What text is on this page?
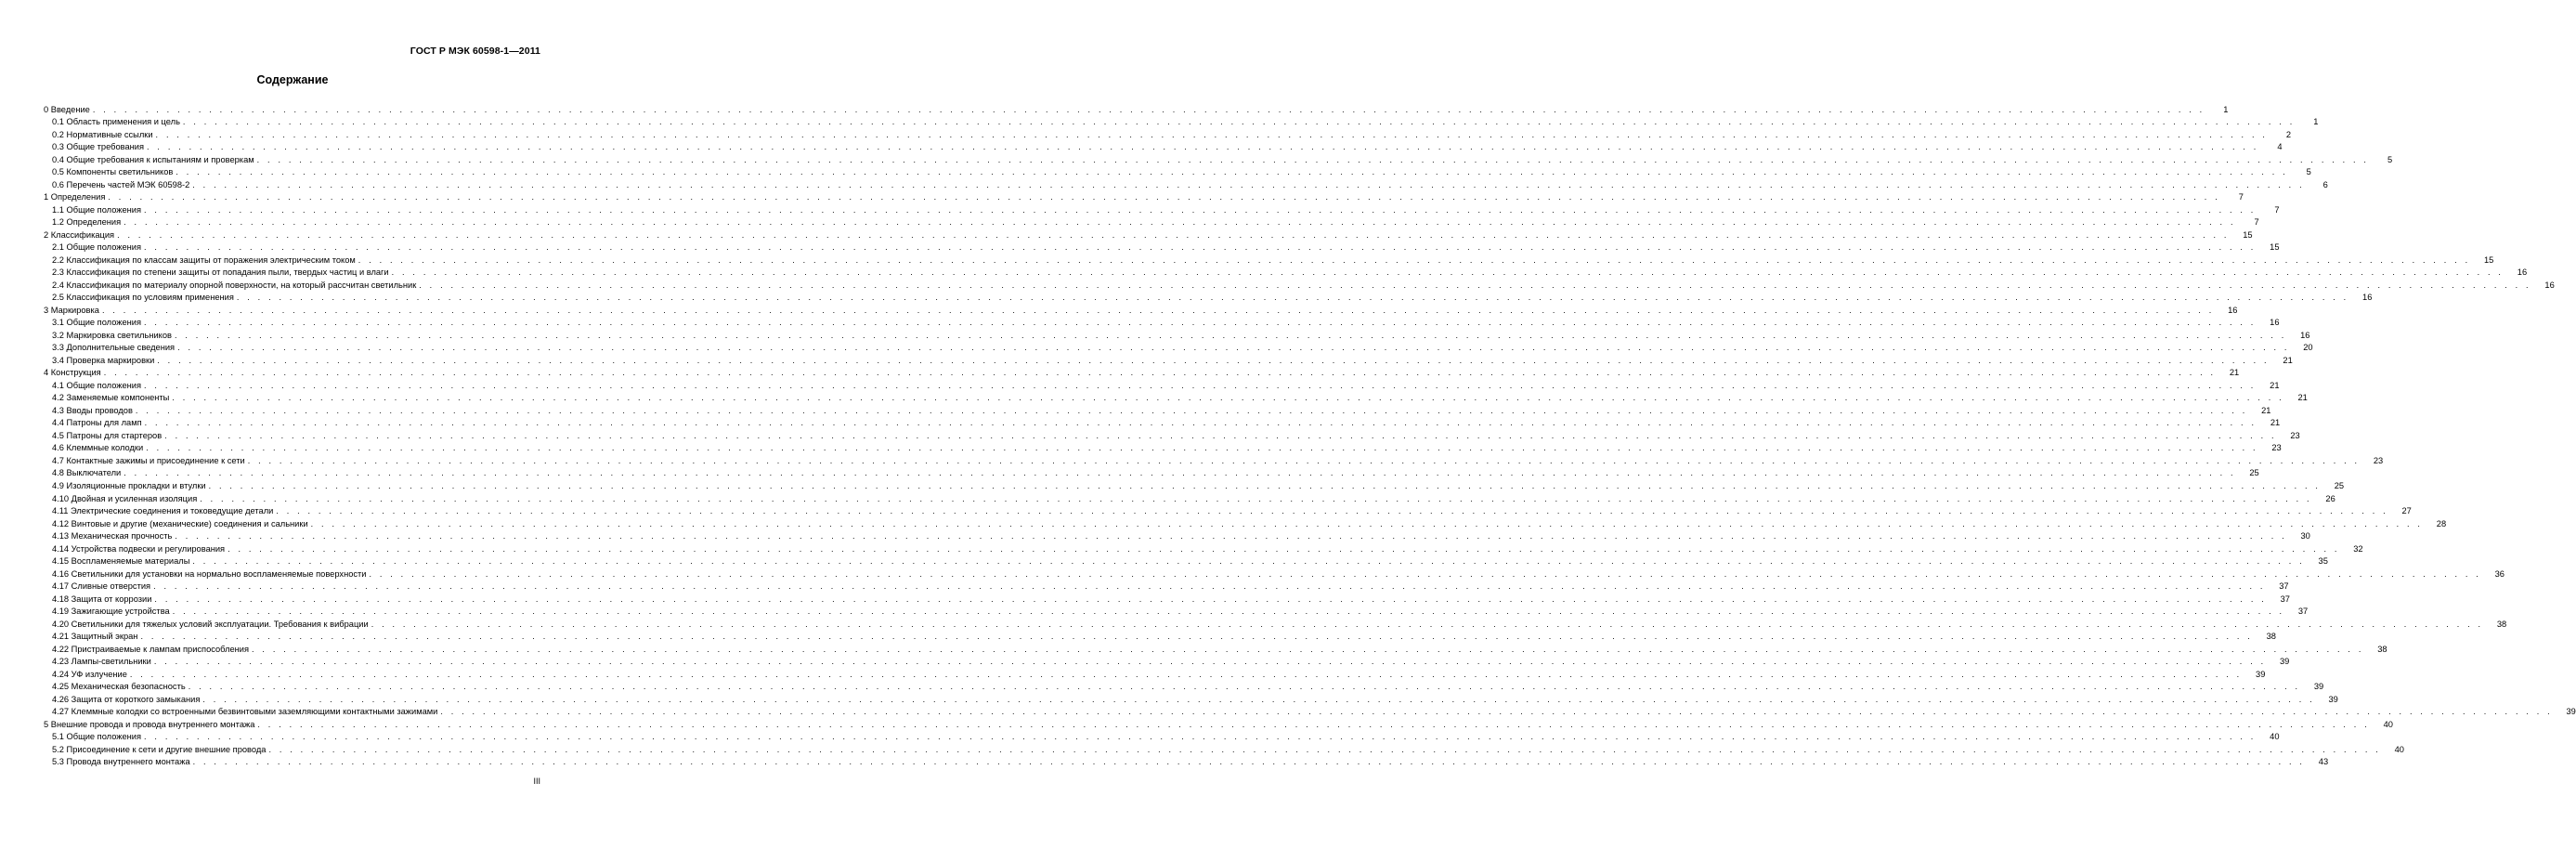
ГОСТ Р МЭК 60598-1—2011
Содержание
0 Введение . . . . . . . . . . . . . . . . . . . . . . . . . . . . . . . . . . . . . . . . . . . . . . . . . . . . . . . . . . . . . . . . . . . . . . . . . . . . . . . . . . . . . . . . . . . . . . . . . . . . . . . . . . . . . . . . . . . . . . . . . . . . . . . . . . . . . . . . . . . . . . . . . . . . . . . . . . . . . . . . . . . . . . . . . . . . . . . . . . . . . . . . . . . . . . . . . . . . . . . .	1
0.1 Область применения и цель . . . . . . . . . . . . . . . . . . . . . . . . . . . . . . . . . . . . . . . . . . . . . . . . . . . . . . . . . . . . . . . . . . . . . . . . . . . . . . . . . . . . . . . . . . . . . . . . . . . . . . . . . . . . . . . . . . . . . . . . . . . . . . . . . . . . . . . . . . . . . . . . . . . . . . . . . . . . . . . . . . . . . . . . . . . . . . . . . . . . . . . . . . . . . . . . . . . . . . . .	1
0.2 Нормативные ссылки . . . . . . . . . . . . . . . . . . . . . . . . . . . . . . . . . . . . . . . . . . . . . . . . . . . . . . . . . . . . . . . . . . . . . . . . . . . . . . . . . . . . . . . . . . . . . . . . . . . . . . . . . . . . . . . . . . . . . . . . . . . . . . . . . . . . . . . . . . . . . . . . . . . . . . . . . . . . . . . . . . . . . . . . . . . . . . . . . . . . . . . . . . . . . . . . . . . . . . . .	2
0.3 Общие требования . . . . . . . . . . . . . . . . . . . . . . . . . . . . . . . . . . . . . . . . . . . . . . . . . . . . . . . . . . . . . . . . . . . . . . . . . . . . . . . . . . . . . . . . . . . . . . . . . . . . . . . . . . . . . . . . . . . . . . . . . . . . . . . . . . . . . . . . . . . . . . . . . . . . . . . . . . . . . . . . . . . . . . . . . . . . . . . . . . . . . . . . . . . . . . . . . . . . . . . .	4
0.4 Общие требования к испытаниям и проверкам . . . . . . . . . . . . . . . . . . . . . . . . . . . . . . . . . . . . . . . . . . . . . . . . . . . . . . . . . . . . . . . . . . . . . . . . . . . . . . . . . . . . . . . . . . . . . . . . . . . . . . . . . . . . . . . . . . . . . . . . . . . . . . . . . . . . . . . . . . . . . . . . . . . . . . . . . . . . . . . . . . . . . . . . . . . . . . . . . . . . . . . . . . . . . . . . . . . . . . . .	5
0.5 Компоненты светильников . . . . . . . . . . . . . . . . . . . . . . . . . . . . . . . . . . . . . . . . . . . . . . . . . . . . . . . . . . . . . . . . . . . . . . . . . . . . . . . . . . . . . . . . . . . . . . . . . . . . . . . . . . . . . . . . . . . . . . . . . . . . . . . . . . . . . . . . . . . . . . . . . . . . . . . . . . . . . . . . . . . . . . . . . . . . . . . . . . . . . . . . . . . . . . . . . . . . . . . .	5
0.6 Перечень частей МЭК 60598-2 . . . . . . . . . . . . . . . . . . . . . . . . . . . . . . . . . . . . . . . . . . . . . . . . . . . . . . . . . . . . . . . . . . . . . . . . . . . . . . . . . . . . . . . . . . . . . . . . . . . . . . . . . . . . . . . . . . . . . . . . . . . . . . . . . . . . . . . . . . . . . . . . . . . . . . . . . . . . . . . . . . . . . . . . . . . . . . . . . . . . . . . . . . . . . . . . . . . . . . . .	6
1 Определения . . . . . . . . . . . . . . . . . . . . . . . . . . . . . . . . . . . . . . . . . . . . . . . . . . . . . . . . . . . . . . . . . . . . . . . . . . . . . . . . . . . . . . . . . . . . . . . . . . . . . . . . . . . . . . . . . . . . . . . . . . . . . . . . . . . . . . . . . . . . . . . . . . . . . . . . . . . . . . . . . . . . . . . . . . . . . . . . . . . . . . . . . . . . . . . . . . . . . . . .	7
1.1 Общие положения . . . . . . . . . . . . . . . . . . . . . . . . . . . . . . . . . . . . . . . . . . . . . . . . . . . . . . . . . . . . . . . . . . . . . . . . . . . . . . . . . . . . . . . . . . . . . . . . . . . . . . . . . . . . . . . . . . . . . . . . . . . . . . . . . . . . . . . . . . . . . . . . . . . . . . . . . . . . . . . . . . . . . . . . . . . . . . . . . . . . . . . . . . . . . . . . . . . . . . . .	7
1.2 Определения . . . . . . . . . . . . . . . . . . . . . . . . . . . . . . . . . . . . . . . . . . . . . . . . . . . . . . . . . . . . . . . . . . . . . . . . . . . . . . . . . . . . . . . . . . . . . . . . . . . . . . . . . . . . . . . . . . . . . . . . . . . . . . . . . . . . . . . . . . . . . . . . . . . . . . . . . . . . . . . . . . . . . . . . . . . . . . . . . . . . . . . . . . . . . . . . . . . . . . . .	7
2 Классификация . . . . . . . . . . . . . . . . . . . . . . . . . . . . . . . . . . . . . . . . . . . . . . . . . . . . . . . . . . . . . . . . . . . . . . . . . . . . . . . . . . . . . . . . . . . . . . . . . . . . . . . . . . . . . . . . . . . . . . . . . . . . . . . . . . . . . . . . . . . . . . . . . . . . . . . . . . . . . . . . . . . . . . . . . . . . . . . . . . . . . . . . . . . . . . . . . . . . . . . .	15
2.1 Общие положения . . . . . . . . . . . . . . . . . . . . . . . . . . . . . . . . . . . . . . . . . . . . . . . . . . . . . . . . . . . . . . . . . . . . . . . . . . . . . . . . . . . . . . . . . . . . . . . . . . . . . . . . . . . . . . . . . . . . . . . . . . . . . . . . . . . . . . . . . . . . . . . . . . . . . . . . . . . . . . . . . . . . . . . . . . . . . . . . . . . . . . . . . . . . . . . . . . . . . . . .	15
2.2 Классификация по классам защиты от поражения электрическим током . . . . . . . . . . . . . . . . . . . . . . . . . . . . . . . . . . . . . . . . . . . . . . . . . . . . . . . . . . . . . . . . . . . . . . . . . . . . . . . . . . . . . . . . . . . . . . . . . . . . . . . . . . . . . . . . . . . . . . . . . . . . . . . . . . . . . . . . . . . . . . . . . . . . . . . . . . . . . . . . . . . . . . . . . . . . . . . . . . . . . . . . . . . . . . . . . . . . . . . .	15
2.3 Классификация по степени защиты от попадания пыли, твердых частиц и влаги . . . . . . . . . . . . . . . . . . . . . . . . . . . . . . . . . . . . . . . . . . . . . . . . . . . . . . . . . . . . . . . . . . . . . . . . . . . . . . . . . . . . . . . . . . . . . . . . . . . . . . . . . . . . . . . . . . . . . . . . . . . . . . . . . . . . . . . . . . . . . . . . . . . . . . . . . . . . . . . . . . . . . . . . . . . . . . . . . . . . . . . . . . . . . . . . . . . . . . . .	16
2.4 Классификация по материалу опорной поверхности, на который рассчитан светильник . . . . . . . . . . . . . . . . . . . . . . . . . . . . . . . . . . . . . . . . . . . . . . . . . . . . . . . . . . . . . . . . . . . . . . . . . . . . . . . . . . . . . . . . . . . . . . . . . . . . . . . . . . . . . . . . . . . . . . . . . . . . . . . . . . . . . . . . . . . . . . . . . . . . . . . . . . . . . . . . . . . . . . . . . . . . . . . . . . . . . . . . . . . . . . . . . . . . . . . .	16
2.5 Классификация по условиям применения . . . . . . . . . . . . . . . . . . . . . . . . . . . . . . . . . . . . . . . . . . . . . . . . . . . . . . . . . . . . . . . . . . . . . . . . . . . . . . . . . . . . . . . . . . . . . . . . . . . . . . . . . . . . . . . . . . . . . . . . . . . . . . . . . . . . . . . . . . . . . . . . . . . . . . . . . . . . . . . . . . . . . . . . . . . . . . . . . . . . . . . . . . . . . . . . . . . . . . . .	16
3 Маркировка . . . . . . . . . . . . . . . . . . . . . . . . . . . . . . . . . . . . . . . . . . . . . . . . . . . . . . . . . . . . . . . . . . . . . . . . . . . . . . . . . . . . . . . . . . . . . . . . . . . . . . . . . . . . . . . . . . . . . . . . . . . . . . . . . . . . . . . . . . . . . . . . . . . . . . . . . . . . . . . . . . . . . . . . . . . . . . . . . . . . . . . . . . . . . . . . . . . . . . . .	16
3.1 Общие положения . . . . . . . . . . . . . . . . . . . . . . . . . . . . . . . . . . . . . . . . . . . . . . . . . . . . . . . . . . . . . . . . . . . . . . . . . . . . . . . . . . . . . . . . . . . . . . . . . . . . . . . . . . . . . . . . . . . . . . . . . . . . . . . . . . . . . . . . . . . . . . . . . . . . . . . . . . . . . . . . . . . . . . . . . . . . . . . . . . . . . . . . . . . . . . . . . . . . . . . .	16
3.2 Маркировка светильников . . . . . . . . . . . . . . . . . . . . . . . . . . . . . . . . . . . . . . . . . . . . . . . . . . . . . . . . . . . . . . . . . . . . . . . . . . . . . . . . . . . . . . . . . . . . . . . . . . . . . . . . . . . . . . . . . . . . . . . . . . . . . . . . . . . . . . . . . . . . . . . . . . . . . . . . . . . . . . . . . . . . . . . . . . . . . . . . . . . . . . . . . . . . . . . . . . . . . . . .	16
3.3 Дополнительные сведения . . . . . . . . . . . . . . . . . . . . . . . . . . . . . . . . . . . . . . . . . . . . . . . . . . . . . . . . . . . . . . . . . . . . . . . . . . . . . . . . . . . . . . . . . . . . . . . . . . . . . . . . . . . . . . . . . . . . . . . . . . . . . . . . . . . . . . . . . . . . . . . . . . . . . . . . . . . . . . . . . . . . . . . . . . . . . . . . . . . . . . . . . . . . . . . . . . . . . . . .	20
3.4 Проверка маркировки . . . . . . . . . . . . . . . . . . . . . . . . . . . . . . . . . . . . . . . . . . . . . . . . . . . . . . . . . . . . . . . . . . . . . . . . . . . . . . . . . . . . . . . . . . . . . . . . . . . . . . . . . . . . . . . . . . . . . . . . . . . . . . . . . . . . . . . . . . . . . . . . . . . . . . . . . . . . . . . . . . . . . . . . . . . . . . . . . . . . . . . . . . . . . . . . . . . . . . . .	21
4 Конструкция . . . . . . . . . . . . . . . . . . . . . . . . . . . . . . . . . . . . . . . . . . . . . . . . . . . . . . . . . . . . . . . . . . . . . . . . . . . . . . . . . . . . . . . . . . . . . . . . . . . . . . . . . . . . . . . . . . . . . . . . . . . . . . . . . . . . . . . . . . . . . . . . . . . . . . . . . . . . . . . . . . . . . . . . . . . . . . . . . . . . . . . . . . . . . . . . . . . . . . . .	21
4.1 Общие положения . . . . . . . . . . . . . . . . . . . . . . . . . . . . . . . . . . . . . . . . . . . . . . . . . . . . . . . . . . . . . . . . . . . . . . . . . . . . . . . . . . . . . . . . . . . . . . . . . . . . . . . . . . . . . . . . . . . . . . . . . . . . . . . . . . . . . . . . . . . . . . . . . . . . . . . . . . . . . . . . . . . . . . . . . . . . . . . . . . . . . . . . . . . . . . . . . . . . . . . .	21
4.2 Заменяемые компоненты . . . . . . . . . . . . . . . . . . . . . . . . . . . . . . . . . . . . . . . . . . . . . . . . . . . . . . . . . . . . . . . . . . . . . . . . . . . . . . . . . . . . . . . . . . . . . . . . . . . . . . . . . . . . . . . . . . . . . . . . . . . . . . . . . . . . . . . . . . . . . . . . . . . . . . . . . . . . . . . . . . . . . . . . . . . . . . . . . . . . . . . . . . . . . . . . . . . . . . . .	21
4.3 Вводы проводов . . . . . . . . . . . . . . . . . . . . . . . . . . . . . . . . . . . . . . . . . . . . . . . . . . . . . . . . . . . . . . . . . . . . . . . . . . . . . . . . . . . . . . . . . . . . . . . . . . . . . . . . . . . . . . . . . . . . . . . . . . . . . . . . . . . . . . . . . . . . . . . . . . . . . . . . . . . . . . . . . . . . . . . . . . . . . . . . . . . . . . . . . . . . . . . . . . . . . . . .	21
4.4 Патроны для ламп . . . . . . . . . . . . . . . . . . . . . . . . . . . . . . . . . . . . . . . . . . . . . . . . . . . . . . . . . . . . . . . . . . . . . . . . . . . . . . . . . . . . . . . . . . . . . . . . . . . . . . . . . . . . . . . . . . . . . . . . . . . . . . . . . . . . . . . . . . . . . . . . . . . . . . . . . . . . . . . . . . . . . . . . . . . . . . . . . . . . . . . . . . . . . . . . . . . . . . . .	21
4.5 Патроны для стартеров . . . . . . . . . . . . . . . . . . . . . . . . . . . . . . . . . . . . . . . . . . . . . . . . . . . . . . . . . . . . . . . . . . . . . . . . . . . . . . . . . . . . . . . . . . . . . . . . . . . . . . . . . . . . . . . . . . . . . . . . . . . . . . . . . . . . . . . . . . . . . . . . . . . . . . . . . . . . . . . . . . . . . . . . . . . . . . . . . . . . . . . . . . . . . . . . . . . . . . . .	23
4.6 Клеммные колодки . . . . . . . . . . . . . . . . . . . . . . . . . . . . . . . . . . . . . . . . . . . . . . . . . . . . . . . . . . . . . . . . . . . . . . . . . . . . . . . . . . . . . . . . . . . . . . . . . . . . . . . . . . . . . . . . . . . . . . . . . . . . . . . . . . . . . . . . . . . . . . . . . . . . . . . . . . . . . . . . . . . . . . . . . . . . . . . . . . . . . . . . . . . . . . . . . . . . . . . .	23
4.7 Контактные зажимы и присоединение к сети . . . . . . . . . . . . . . . . . . . . . . . . . . . . . . . . . . . . . . . . . . . . . . . . . . . . . . . . . . . . . . . . . . . . . . . . . . . . . . . . . . . . . . . . . . . . . . . . . . . . . . . . . . . . . . . . . . . . . . . . . . . . . . . . . . . . . . . . . . . . . . . . . . . . . . . . . . . . . . . . . . . . . . . . . . . . . . . . . . . . . . . . . . . . . . . . . . . . . . . .	23
4.8 Выключатели . . . . . . . . . . . . . . . . . . . . . . . . . . . . . . . . . . . . . . . . . . . . . . . . . . . . . . . . . . . . . . . . . . . . . . . . . . . . . . . . . . . . . . . . . . . . . . . . . . . . . . . . . . . . . . . . . . . . . . . . . . . . . . . . . . . . . . . . . . . . . . . . . . . . . . . . . . . . . . . . . . . . . . . . . . . . . . . . . . . . . . . . . . . . . . . . . . . . . . . .	25
4.9 Изоляционные прокладки и втулки . . . . . . . . . . . . . . . . . . . . . . . . . . . . . . . . . . . . . . . . . . . . . . . . . . . . . . . . . . . . . . . . . . . . . . . . . . . . . . . . . . . . . . . . . . . . . . . . . . . . . . . . . . . . . . . . . . . . . . . . . . . . . . . . . . . . . . . . . . . . . . . . . . . . . . . . . . . . . . . . . . . . . . . . . . . . . . . . . . . . . . . . . . . . . . . . . . . . . . . .	25
4.10 Двойная и усиленная изоляция . . . . . . . . . . . . . . . . . . . . . . . . . . . . . . . . . . . . . . . . . . . . . . . . . . . . . . . . . . . . . . . . . . . . . . . . . . . . . . . . . . . . . . . . . . . . . . . . . . . . . . . . . . . . . . . . . . . . . . . . . . . . . . . . . . . . . . . . . . . . . . . . . . . . . . . . . . . . . . . . . . . . . . . . . . . . . . . . . . . . . . . . . . . . . . . . . . . . . . . .	26
4.11 Электрические соединения и токоведущие детали . . . . . . . . . . . . . . . . . . . . . . . . . . . . . . . . . . . . . . . . . . . . . . . . . . . . . . . . . . . . . . . . . . . . . . . . . . . . . . . . . . . . . . . . . . . . . . . . . . . . . . . . . . . . . . . . . . . . . . . . . . . . . . . . . . . . . . . . . . . . . . . . . . . . . . . . . . . . . . . . . . . . . . . . . . . . . . . . . . . . . . . . . . . . . . . . . . . . . . . .	27
4.12 Винтовые и другие (механические) соединения и сальники . . . . . . . . . . . . . . . . . . . . . . . . . . . . . . . . . . . . . . . . . . . . . . . . . . . . . . . . . . . . . . . . . . . . . . . . . . . . . . . . . . . . . . . . . . . . . . . . . . . . . . . . . . . . . . . . . . . . . . . . . . . . . . . . . . . . . . . . . . . . . . . . . . . . . . . . . . . . . . . . . . . . . . . . . . . . . . . . . . . . . . . . . . . . . . . . . . . . . . . .	28
4.13 Механическая прочность . . . . . . . . . . . . . . . . . . . . . . . . . . . . . . . . . . . . . . . . . . . . . . . . . . . . . . . . . . . . . . . . . . . . . . . . . . . . . . . . . . . . . . . . . . . . . . . . . . . . . . . . . . . . . . . . . . . . . . . . . . . . . . . . . . . . . . . . . . . . . . . . . . . . . . . . . . . . . . . . . . . . . . . . . . . . . . . . . . . . . . . . . . . . . . . . . . . . . . . .	30
4.14 Устройства подвески и регулирования . . . . . . . . . . . . . . . . . . . . . . . . . . . . . . . . . . . . . . . . . . . . . . . . . . . . . . . . . . . . . . . . . . . . . . . . . . . . . . . . . . . . . . . . . . . . . . . . . . . . . . . . . . . . . . . . . . . . . . . . . . . . . . . . . . . . . . . . . . . . . . . . . . . . . . . . . . . . . . . . . . . . . . . . . . . . . . . . . . . . . . . . . . . . . . . . . . . . . . . .	32
4.15 Воспламеняемые материалы . . . . . . . . . . . . . . . . . . . . . . . . . . . . . . . . . . . . . . . . . . . . . . . . . . . . . . . . . . . . . . . . . . . . . . . . . . . . . . . . . . . . . . . . . . . . . . . . . . . . . . . . . . . . . . . . . . . . . . . . . . . . . . . . . . . . . . . . . . . . . . . . . . . . . . . . . . . . . . . . . . . . . . . . . . . . . . . . . . . . . . . . . . . . . . . . . . . . . . . .	35
4.16 Светильники для установки на нормально воспламеняемые поверхности . . . . . . . . . . . . . . . . . . . . . . . . . . . . . . . . . . . . . . . . . . . . . . . . . . . . . . . . . . . . . . . . . . . . . . . . . . . . . . . . . . . . . . . . . . . . . . . . . . . . . . . . . . . . . . . . . . . . . . . . . . . . . . . . . . . . . . . . . . . . . . . . . . . . . . . . . . . . . . . . . . . . . . . . . . . . . . . . . . . . . . . . . . . . . . . . . . . . . . . .	36
4.17 Сливные отверстия . . . . . . . . . . . . . . . . . . . . . . . . . . . . . . . . . . . . . . . . . . . . . . . . . . . . . . . . . . . . . . . . . . . . . . . . . . . . . . . . . . . . . . . . . . . . . . . . . . . . . . . . . . . . . . . . . . . . . . . . . . . . . . . . . . . . . . . . . . . . . . . . . . . . . . . . . . . . . . . . . . . . . . . . . . . . . . . . . . . . . . . . . . . . . . . . . . . . . . . .	37
4.18 Защита от коррозии . . . . . . . . . . . . . . . . . . . . . . . . . . . . . . . . . . . . . . . . . . . . . . . . . . . . . . . . . . . . . . . . . . . . . . . . . . . . . . . . . . . . . . . . . . . . . . . . . . . . . . . . . . . . . . . . . . . . . . . . . . . . . . . . . . . . . . . . . . . . . . . . . . . . . . . . . . . . . . . . . . . . . . . . . . . . . . . . . . . . . . . . . . . . . . . . . . . . . . . .	37
4.19 Зажигающие устройства . . . . . . . . . . . . . . . . . . . . . . . . . . . . . . . . . . . . . . . . . . . . . . . . . . . . . . . . . . . . . . . . . . . . . . . . . . . . . . . . . . . . . . . . . . . . . . . . . . . . . . . . . . . . . . . . . . . . . . . . . . . . . . . . . . . . . . . . . . . . . . . . . . . . . . . . . . . . . . . . . . . . . . . . . . . . . . . . . . . . . . . . . . . . . . . . . . . . . . . .	37
4.20 Светильники для тяжелых условий эксплуатации. Требования к вибрации . . . . . . . . . . . . . . . . . . . . . . . . . . . . . . . . . . . . . . . . . . . . . . . . . . . . . . . . . . . . . . . . . . . . . . . . . . . . . . . . . . . . . . . . . . . . . . . . . . . . . . . . . . . . . . . . . . . . . . . . . . . . . . . . . . . . . . . . . . . . . . . . . . . . . . . . . . . . . . . . . . . . . . . . . . . . . . . . . . . . . . . . . . . . . . . . . . . . . . . .	38
4.21 Защитный экран . . . . . . . . . . . . . . . . . . . . . . . . . . . . . . . . . . . . . . . . . . . . . . . . . . . . . . . . . . . . . . . . . . . . . . . . . . . . . . . . . . . . . . . . . . . . . . . . . . . . . . . . . . . . . . . . . . . . . . . . . . . . . . . . . . . . . . . . . . . . . . . . . . . . . . . . . . . . . . . . . . . . . . . . . . . . . . . . . . . . . . . . . . . . . . . . . . . . . . . .	38
4.22 Пристраиваемые к лампам приспособления . . . . . . . . . . . . . . . . . . . . . . . . . . . . . . . . . . . . . . . . . . . . . . . . . . . . . . . . . . . . . . . . . . . . . . . . . . . . . . . . . . . . . . . . . . . . . . . . . . . . . . . . . . . . . . . . . . . . . . . . . . . . . . . . . . . . . . . . . . . . . . . . . . . . . . . . . . . . . . . . . . . . . . . . . . . . . . . . . . . . . . . . . . . . . . . . . . . . . . . .	38
4.23 Лампы-светильники . . . . . . . . . . . . . . . . . . . . . . . . . . . . . . . . . . . . . . . . . . . . . . . . . . . . . . . . . . . . . . . . . . . . . . . . . . . . . . . . . . . . . . . . . . . . . . . . . . . . . . . . . . . . . . . . . . . . . . . . . . . . . . . . . . . . . . . . . . . . . . . . . . . . . . . . . . . . . . . . . . . . . . . . . . . . . . . . . . . . . . . . . . . . . . . . . . . . . . . .	39
4.24 УФ излучение . . . . . . . . . . . . . . . . . . . . . . . . . . . . . . . . . . . . . . . . . . . . . . . . . . . . . . . . . . . . . . . . . . . . . . . . . . . . . . . . . . . . . . . . . . . . . . . . . . . . . . . . . . . . . . . . . . . . . . . . . . . . . . . . . . . . . . . . . . . . . . . . . . . . . . . . . . . . . . . . . . . . . . . . . . . . . . . . . . . . . . . . . . . . . . . . . . . . . . . .	39
4.25 Механическая безопасность . . . . . . . . . . . . . . . . . . . . . . . . . . . . . . . . . . . . . . . . . . . . . . . . . . . . . . . . . . . . . . . . . . . . . . . . . . . . . . . . . . . . . . . . . . . . . . . . . . . . . . . . . . . . . . . . . . . . . . . . . . . . . . . . . . . . . . . . . . . . . . . . . . . . . . . . . . . . . . . . . . . . . . . . . . . . . . . . . . . . . . . . . . . . . . . . . . . . . . . .	39
4.26 Защита от короткого замыкания . . . . . . . . . . . . . . . . . . . . . . . . . . . . . . . . . . . . . . . . . . . . . . . . . . . . . . . . . . . . . . . . . . . . . . . . . . . . . . . . . . . . . . . . . . . . . . . . . . . . . . . . . . . . . . . . . . . . . . . . . . . . . . . . . . . . . . . . . . . . . . . . . . . . . . . . . . . . . . . . . . . . . . . . . . . . . . . . . . . . . . . . . . . . . . . . . . . . . . . .	39
4.27 Клеммные колодки со встроенными безвинтовыми заземляющими контактными зажимами . . . . . . . . . . . . . . . . . . . . . . . . . . . . . . . . . . . . . . . . . . . . . . . . . . . . . . . . . . . . . . . . . . . . . . . . . . . . . . . . . . . . . . . . . . . . . . . . . . . . . . . . . . . . . . . . . . . . . . . . . . . . . . . . . . . . . . . . . . . . . . . . . . . . . . . . . . . . . . . . . . . . . . . . . . . . . . . . . . . . . . . . . . . . . . . . . . . . . . . .	39
5 Внешние провода и провода внутреннего монтажа . . . . . . . . . . . . . . . . . . . . . . . . . . . . . . . . . . . . . . . . . . . . . . . . . . . . . . . . . . . . . . . . . . . . . . . . . . . . . . . . . . . . . . . . . . . . . . . . . . . . . . . . . . . . . . . . . . . . . . . . . . . . . . . . . . . . . . . . . . . . . . . . . . . . . . . . . . . . . . . . . . . . . . . . . . . . . . . . . . . . . . . . . . . . . . . . . . . . . . . .	40
5.1 Общие положения . . . . . . . . . . . . . . . . . . . . . . . . . . . . . . . . . . . . . . . . . . . . . . . . . . . . . . . . . . . . . . . . . . . . . . . . . . . . . . . . . . . . . . . . . . . . . . . . . . . . . . . . . . . . . . . . . . . . . . . . . . . . . . . . . . . . . . . . . . . . . . . . . . . . . . . . . . . . . . . . . . . . . . . . . . . . . . . . . . . . . . . . . . . . . . . . . . . . . . . .	40
5.2 Присоединение к сети и другие внешние провода . . . . . . . . . . . . . . . . . . . . . . . . . . . . . . . . . . . . . . . . . . . . . . . . . . . . . . . . . . . . . . . . . . . . . . . . . . . . . . . . . . . . . . . . . . . . . . . . . . . . . . . . . . . . . . . . . . . . . . . . . . . . . . . . . . . . . . . . . . . . . . . . . . . . . . . . . . . . . . . . . . . . . . . . . . . . . . . . . . . . . . . . . . . . . . . . . . . . . . . .	40
5.3 Провода внутреннего монтажа . . . . . . . . . . . . . . . . . . . . . . . . . . . . . . . . . . . . . . . . . . . . . . . . . . . . . . . . . . . . . . . . . . . . . . . . . . . . . . . . . . . . . . . . . . . . . . . . . . . . . . . . . . . . . . . . . . . . . . . . . . . . . . . . . . . . . . . . . . . . . . . . . . . . . . . . . . . . . . . . . . . . . . . . . . . . . . . . . . . . . . . . . . . . . . . . . . . . . . . .	43
III
